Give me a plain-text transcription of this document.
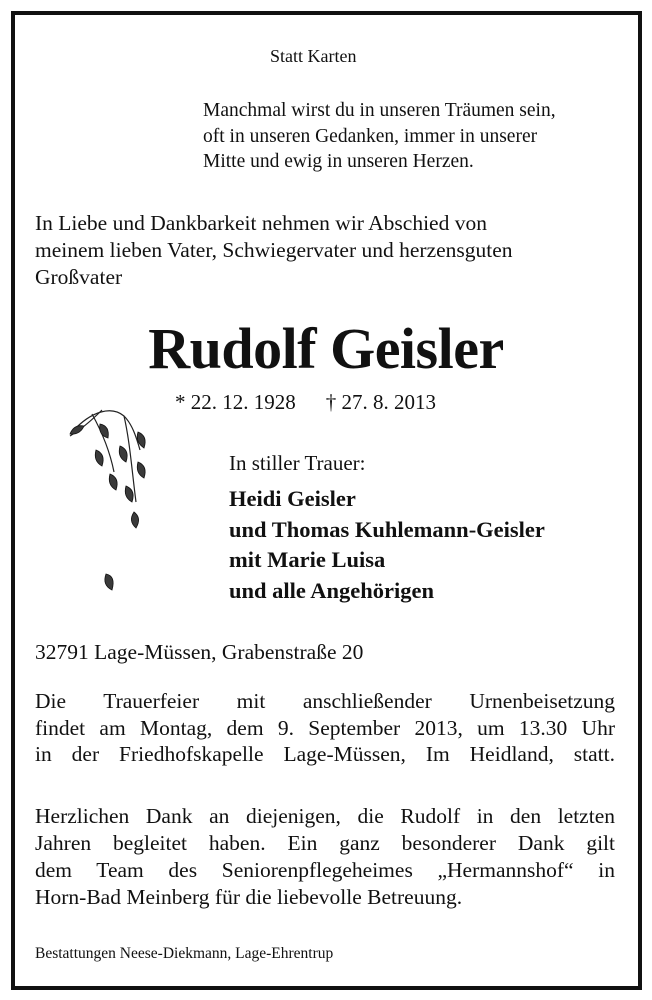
Statt Karten

Manchmal wirst du in unseren Träumen sein,
oft in unseren Gedanken, immer in unserer
Mitte und ewig in unseren Herzen.
In Liebe und Dankbarkeit nehmen wir Abschied von
meinem lieben Vater, Schwiegervater und herzensguten
Großvater
Rudolf Geisler
* 22. 12. 1928 † 27. 8. 2013

In stiller Trauer:

Heidi Geisler
und Thomas Kuhlemann-Geisler
mit Marie Luisa
und alle Angehörigen

32791 Lage-Müssen, Grabenstraße 20

Die Trauerfeier mit anschließender Urnenbeisetzung
findet am Montag, dem 9. September 2013, um 13.30 Uhr
in der Friedhofskapelle Lage-Müssen, Im Heidland, statt.
Herzlichen Dank an diejenigen, die Rudolf in den letzten
Jahren begleitet haben. Ein ganz besonderer Dank gilt
dem Team des Seniorenpflegeheimes „Hermannshof“ in
Horn-Bad Meinberg für die liebevolle Betreuung.

Bestattungen Neese-Diekmann, Lage-Ehrentrup
